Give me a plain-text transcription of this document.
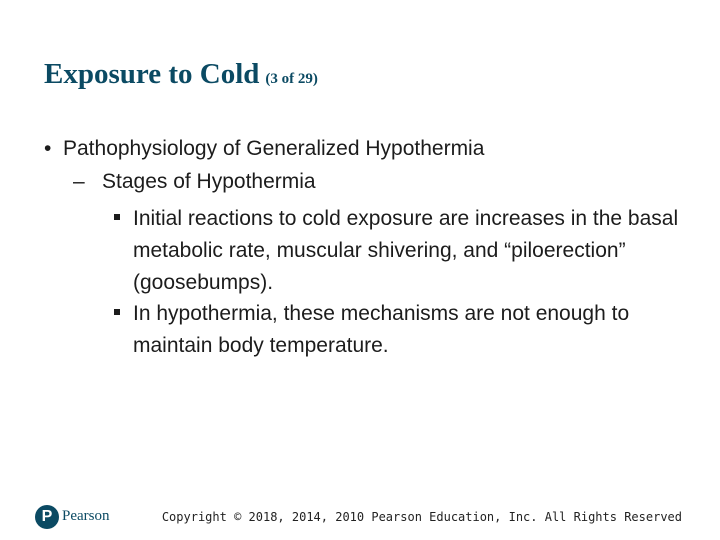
Exposure to Cold (3 of 29)
• Pathophysiology of Generalized Hypothermia
– Stages of Hypothermia
Initial reactions to cold exposure are increases in the basal metabolic rate, muscular shivering, and “piloerection” (goosebumps).
In hypothermia, these mechanisms are not enough to maintain body temperature.
P Pearson	Copyright © 2018, 2014, 2010 Pearson Education, Inc. All Rights Reserved
